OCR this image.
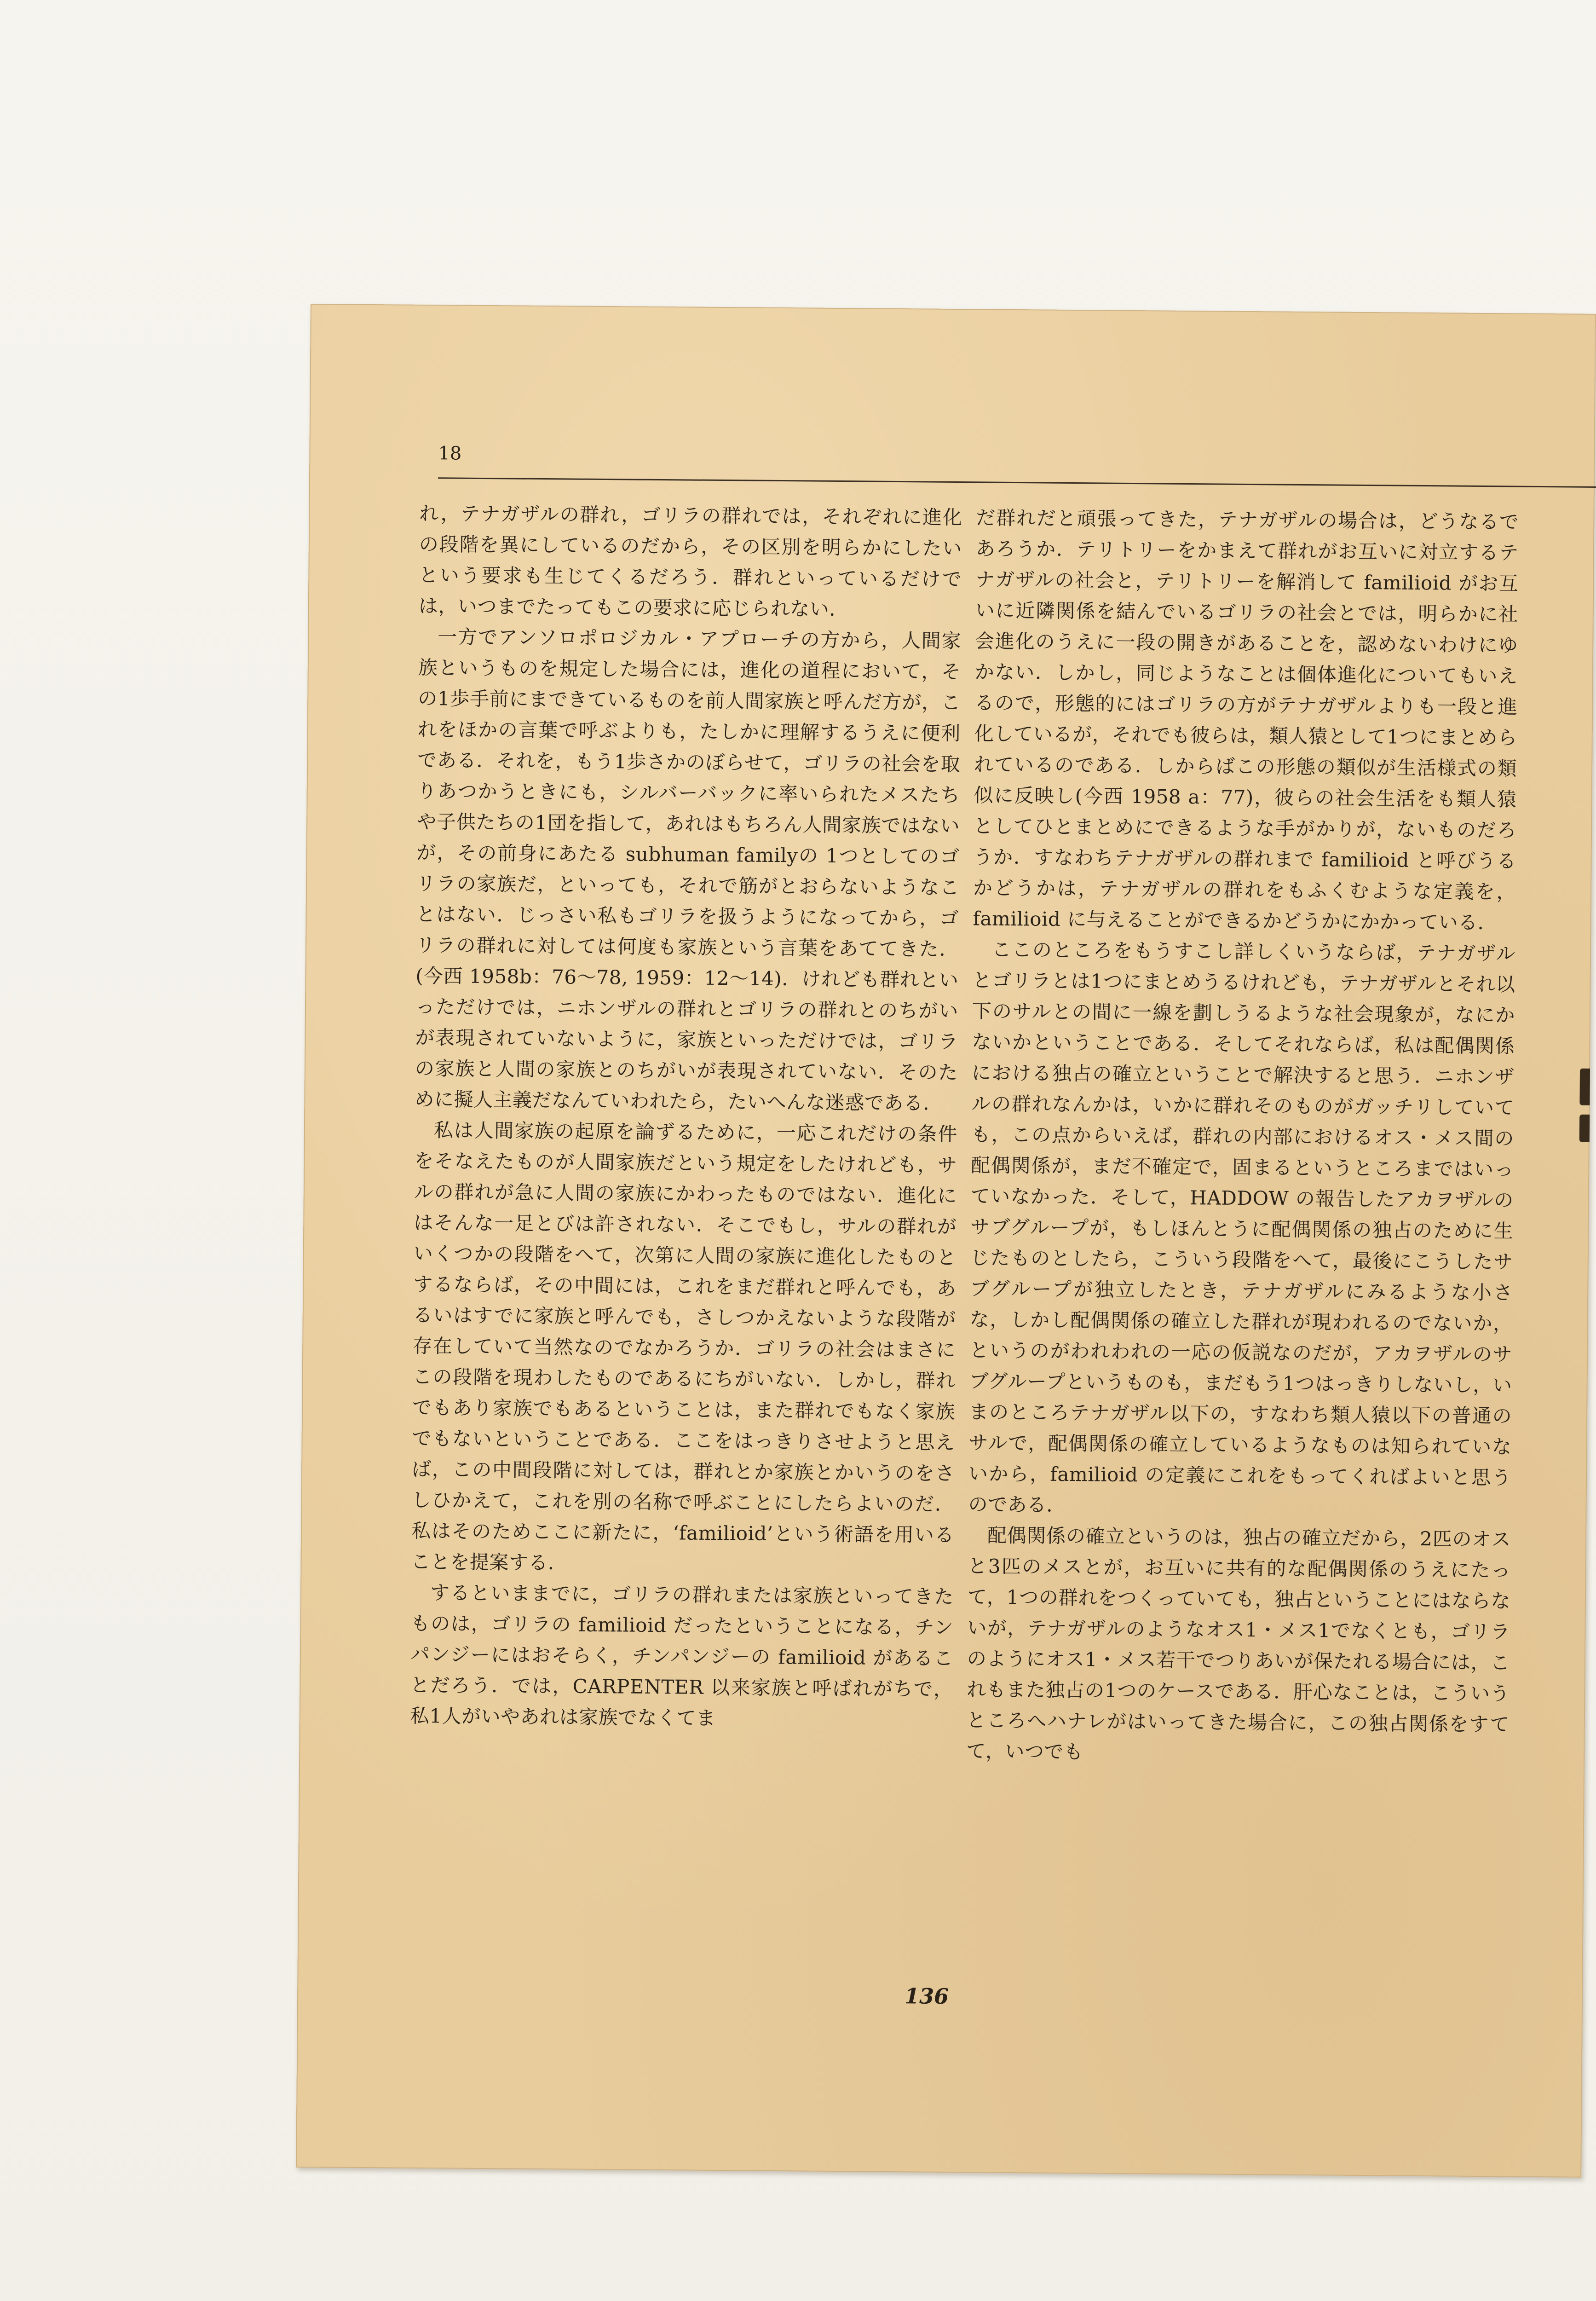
18

れ，テナガザルの群れ，ゴリラの群れでは，それぞれに進化の段階を異にしているのだから，その区別を明らかにしたいという要求も生じてくるだろう．群れといっているだけでは，いつまでたってもこの要求に応じられない．

一方でアンソロポロジカル・アプローチの方から，人間家族というものを規定した場合には，進化の道程において，その1歩手前にまできているものを前人間家族と呼んだ方が，これをほかの言葉で呼ぶよりも，たしかに理解するうえに便利である．それを，もう1歩さかのぼらせて，ゴリラの社会を取りあつかうときにも，シルバーバックに率いられたメスたちや子供たちの1団を指して，あれはもちろん人間家族ではないが，その前身にあたる subhuman familyの 1つとしてのゴリラの家族だ，といっても，それで筋がとおらないようなことはない．じっさい私もゴリラを扱うようになってから，ゴリラの群れに対しては何度も家族という言葉をあててきた．(今西 1958b：76〜78, 1959：12〜14)．けれども群れといっただけでは，ニホンザルの群れとゴリラの群れとのちがいが表現されていないように，家族といっただけでは，ゴリラの家族と人間の家族とのちがいが表現されていない．そのために擬人主義だなんていわれたら，たいへんな迷惑である．

私は人間家族の起原を論ずるために，一応これだけの条件をそなえたものが人間家族だという規定をしたけれども，サルの群れが急に人間の家族にかわったものではない．進化にはそんな一足とびは許されない．そこでもし，サルの群れがいくつかの段階をへて，次第に人間の家族に進化したものとするならば，その中間には，これをまだ群れと呼んでも，あるいはすでに家族と呼んでも，さしつかえないような段階が存在していて当然なのでなかろうか．ゴリラの社会はまさにこの段階を現わしたものであるにちがいない．しかし，群れでもあり家族でもあるということは，また群れでもなく家族でもないということである．ここをはっきりさせようと思えば，この中間段階に対しては，群れとか家族とかいうのをさしひかえて，これを別の名称で呼ぶことにしたらよいのだ．私はそのためここに新たに，‘familioid’という術語を用いることを提案する．

するといままでに，ゴリラの群れまたは家族といってきたものは，ゴリラの familioid だったということになる，チンパンジーにはおそらく，チンパンジーの familioid があることだろう．では，CARPENTER 以来家族と呼ばれがちで，私1人がいやあれは家族でなくてま

だ群れだと頑張ってきた，テナガザルの場合は，どうなるであろうか．テリトリーをかまえて群れがお互いに対立するテナガザルの社会と，テリトリーを解消して familioid がお互いに近隣関係を結んでいるゴリラの社会とでは，明らかに社会進化のうえに一段の開きがあることを，認めないわけにゆかない．しかし，同じようなことは個体進化についてもいえるので，形態的にはゴリラの方がテナガザルよりも一段と進化しているが，それでも彼らは，類人猿として1つにまとめられているのである．しからばこの形態の類似が生活様式の類似に反映し(今西 1958 a：77)，彼らの社会生活をも類人猿としてひとまとめにできるような手がかりが，ないものだろうか．すなわちテナガザルの群れまで familioid と呼びうるかどうかは，テナガザルの群れをもふくむような定義を，familioid に与えることができるかどうかにかかっている．

ここのところをもうすこし詳しくいうならば，テナガザルとゴリラとは1つにまとめうるけれども，テナガザルとそれ以下のサルとの間に一線を劃しうるような社会現象が，なにかないかということである．そしてそれならば，私は配偶関係における独占の確立ということで解決すると思う．ニホンザルの群れなんかは，いかに群れそのものがガッチリしていても，この点からいえば，群れの内部におけるオス・メス間の配偶関係が，まだ不確定で，固まるというところまではいっていなかった．そして，HADDOW の報告したアカヲザルのサブグループが，もしほんとうに配偶関係の独占のために生じたものとしたら，こういう段階をへて，最後にこうしたサブグループが独立したとき，テナガザルにみるような小さな，しかし配偶関係の確立した群れが現われるのでないか，というのがわれわれの一応の仮説なのだが，アカヲザルのサブグループというものも，まだもう1つはっきりしないし，いまのところテナガザル以下の，すなわち類人猿以下の普通のサルで，配偶関係の確立しているようなものは知られていないから，familioid の定義にこれをもってくればよいと思うのである．

配偶関係の確立というのは，独占の確立だから，2匹のオスと3匹のメスとが，お互いに共有的な配偶関係のうえにたって，1つの群れをつくっていても，独占ということにはならないが，テナガザルのようなオス1・メス1でなくとも，ゴリラのようにオス1・メス若干でつりあいが保たれる場合には，これもまた独占の1つのケースである．肝心なことは，こういうところへハナレがはいってきた場合に，この独占関係をすてて，いつでも

136
